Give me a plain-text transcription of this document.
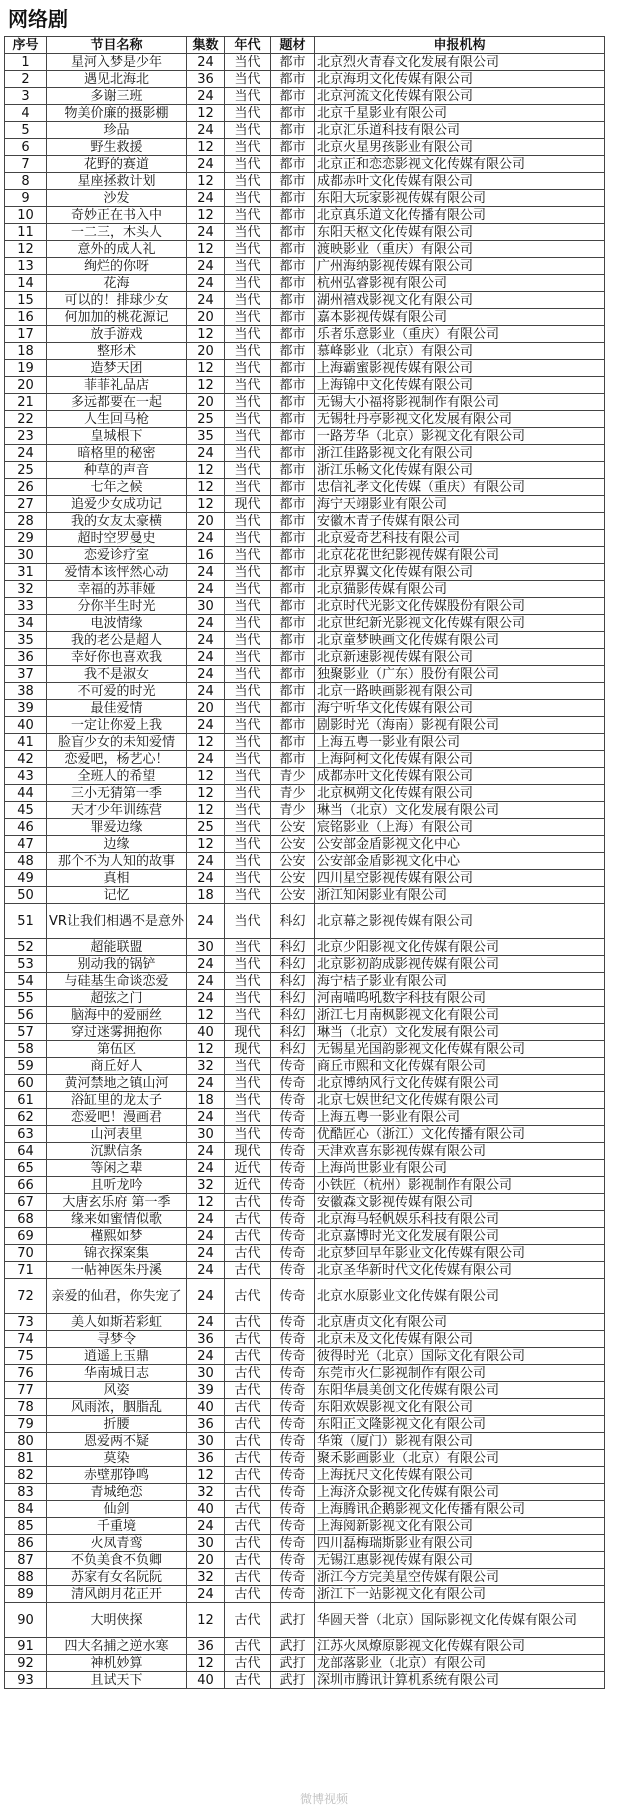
网络剧
序号	节目名称	集数	年代	题材	申报机构
1	星河入梦是少年	24	当代	都市	北京烈火青春文化发展有限公司
2	遇见北海北	36	当代	都市	北京海玥文化传媒有限公司
3	多谢三班	24	当代	都市	北京河流文化传媒有限公司
4	物美价廉的摄影棚	12	当代	都市	北京千星影业有限公司
5	珍品	24	当代	都市	北京汇乐道科技有限公司
6	野生救援	12	当代	都市	北京火星男孩影业有限公司
7	花野的赛道	24	当代	都市	北京正和恋恋影视文化传媒有限公司
8	星座拯救计划	12	当代	都市	成都赤叶文化传媒有限公司
9	沙发	24	当代	都市	东阳大玩家影视传媒有限公司
10	奇妙正在书入中	12	当代	都市	北京真乐道文化传播有限公司
11	一二三，木头人	24	当代	都市	东阳天枢文化传媒有限公司
12	意外的成人礼	12	当代	都市	渡映影业（重庆）有限公司
13	绚烂的你呀	24	当代	都市	广州海纳影视传媒有限公司
14	花海	24	当代	都市	杭州弘睿影视有限公司
15	可以的！排球少女	24	当代	都市	湖州禧戏影视文化有限公司
16	何加加的桃花源记	20	当代	都市	嘉本影视传媒有限公司
17	放手游戏	12	当代	都市	乐者乐意影业（重庆）有限公司
18	整形术	20	当代	都市	慕峰影业（北京）有限公司
19	造梦天团	12	当代	都市	上海霸蜜影视传媒有限公司
20	菲菲礼品店	12	当代	都市	上海锦中文化传媒有限公司
21	多远都要在一起	20	当代	都市	无锡大小福将影视制作有限公司
22	人生回马枪	25	当代	都市	无锡牡丹亭影视文化发展有限公司
23	皇城根下	35	当代	都市	一路芳华（北京）影视文化有限公司
24	暗格里的秘密	24	当代	都市	浙江佳路影视文化有限公司
25	种草的声音	12	当代	都市	浙江乐畅文化传媒有限公司
26	七年之候	12	当代	都市	忠信礼孝文化传媒（重庆）有限公司
27	追爱少女成功记	12	现代	都市	海宁天翊影业有限公司
28	我的女友太豪横	20	当代	都市	安徽木青子传媒有限公司
29	超时空罗曼史	24	当代	都市	北京爱奇艺科技有限公司
30	恋爱诊疗室	16	当代	都市	北京花花世纪影视传媒有限公司
31	爱情本该怦然心动	24	当代	都市	北京界翼文化传媒有限公司
32	幸福的苏菲娅	24	当代	都市	北京猫影传媒有限公司
33	分你半生时光	30	当代	都市	北京时代光影文化传媒股份有限公司
34	电波情缘	24	当代	都市	北京世纪新光影视文化传媒有限公司
35	我的老公是超人	24	当代	都市	北京童梦映画文化传媒有限公司
36	幸好你也喜欢我	24	当代	都市	北京新速影视传媒有限公司
37	我不是淑女	24	当代	都市	独聚影业（广东）股份有限公司
38	不可爱的时光	24	当代	都市	北京一路映画影视有限公司
39	最佳爱情	20	当代	都市	海宁听华文化传媒有限公司
40	一定让你爱上我	24	当代	都市	剧影时光（海南）影视有限公司
41	脸盲少女的未知爱情	12	当代	都市	上海五粤一影业有限公司
42	恋爱吧，杨艺心！	24	当代	都市	上海阿柯文化传媒有限公司
43	全班人的希望	12	当代	青少	成都赤叶文化传媒有限公司
44	三小无猜第一季	12	当代	青少	北京枫朔文化传媒有限公司
45	天才少年训练营	12	当代	青少	琳当（北京）文化发展有限公司
46	罪爱边缘	25	当代	公安	宸铭影业（上海）有限公司
47	边缘	12	当代	公安	公安部金盾影视文化中心
48	那个不为人知的故事	24	当代	公安	公安部金盾影视文化中心
49	真相	24	当代	公安	四川星空影视传媒有限公司
50	记忆	18	当代	公安	浙江知闲影业有限公司
51	VR让我们相遇不是意外	24	当代	科幻	北京幕之影视传媒有限公司
52	超能联盟	30	当代	科幻	北京少阳影视文化传媒有限公司
53	别动我的锅铲	24	当代	科幻	北京影初韵成影视传媒有限公司
54	与硅基生命谈恋爱	24	当代	科幻	海宁桔子影业有限公司
55	超弦之门	24	当代	科幻	河南喵呜吼数字科技有限公司
56	脑海中的爱丽丝	12	当代	科幻	浙江七月南枫影视文化有限公司
57	穿过迷雾拥抱你	40	现代	科幻	琳当（北京）文化发展有限公司
58	第伍区	12	现代	科幻	无锡星光国韵影视文化传媒有限公司
59	商丘好人	32	当代	传奇	商丘市熙和文化传媒有限公司
60	黄河禁地之镇山河	24	当代	传奇	北京博纳风行文化传媒有限公司
61	浴缸里的龙太子	18	当代	传奇	北京七娱世纪文化传媒有限公司
62	恋爱吧！漫画君	24	当代	传奇	上海五粤一影业有限公司
63	山河表里	30	当代	传奇	优酷匠心（浙江）文化传播有限公司
64	沉默信条	24	现代	传奇	天津欢喜东影视传媒有限公司
65	等闲之辈	24	近代	传奇	上海尚世影业有限公司
66	且听龙吟	32	近代	传奇	小铁匠（杭州）影视制作有限公司
67	大唐玄乐府 第一季	12	古代	传奇	安徽森文影视传媒有限公司
68	缘来如蜜情似歌	24	古代	传奇	北京海马轻帆娱乐科技有限公司
69	槿熙如梦	24	古代	传奇	北京嘉博时光文化发展有限公司
70	锦衣探案集	24	古代	传奇	北京梦回早年影业文化传媒有限公司
71	一帖神医朱丹溪	24	古代	传奇	北京圣华新时代文化传媒有限公司
72	亲爱的仙君，你失宠了	24	古代	传奇	北京水原影业文化传媒有限公司
73	美人如斯若彩虹	24	古代	传奇	北京唐贞文化有限公司
74	寻梦令	36	古代	传奇	北京未及文化传媒有限公司
75	逍遥上玉鼎	24	古代	传奇	彼得时光（北京）国际文化有限公司
76	华南城日志	30	古代	传奇	东莞市火仁影视制作有限公司
77	风姿	39	古代	传奇	东阳华晨美创文化传媒有限公司
78	风雨浓，胭脂乱	40	古代	传奇	东阳欢娱影视文化有限公司
79	折腰	36	古代	传奇	东阳正文隆影视文化有限公司
80	恩爱两不疑	30	古代	传奇	华策（厦门）影视有限公司
81	莫染	36	古代	传奇	聚禾影画影业（北京）有限公司
82	赤壁那铮鸣	12	古代	传奇	上海抚尺文化传媒有限公司
83	青城绝恋	32	古代	传奇	上海济众影视文化传媒有限公司
84	仙剑	40	古代	传奇	上海腾讯企鹅影视文化传播有限公司
85	千重境	24	古代	传奇	上海阅新影视文化有限公司
86	火凤青鸾	30	古代	传奇	四川磊梅瑞斯影业有限公司
87	不负美食不负卿	20	古代	传奇	无锡江惠影视传媒有限公司
88	苏家有女名阮阮	32	古代	传奇	浙江今方完美星空传媒有限公司
89	清风朗月花正开	24	古代	传奇	浙江下一站影视文化有限公司
90	大明侠探	12	古代	武打	华圆天誉（北京）国际影视文化传媒有限公司
91	四大名捕之逆水寒	36	古代	武打	江苏火凤燎原影视文化传媒有限公司
92	神机妙算	12	古代	武打	龙部落影业（北京）有限公司
93	且试天下	40	古代	武打	深圳市腾讯计算机系统有限公司
微博视频
